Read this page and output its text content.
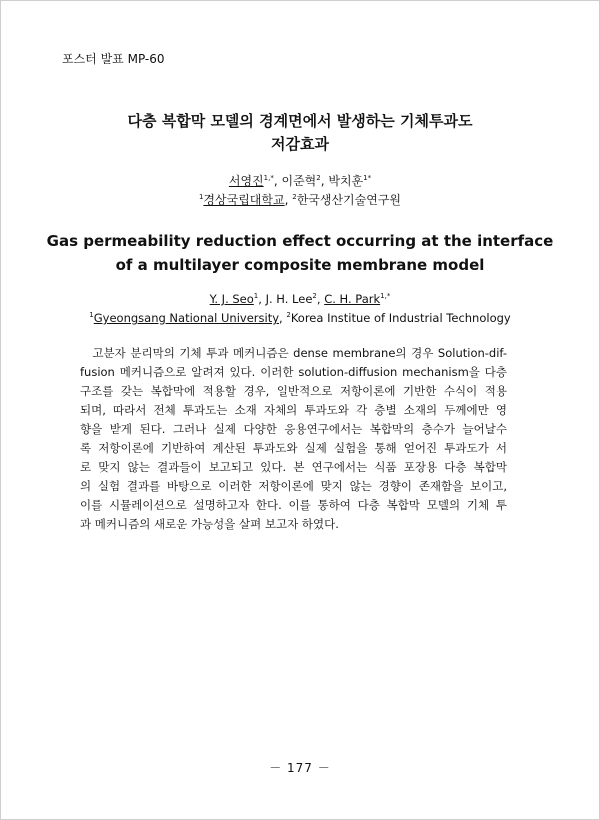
포스터 발표 MP-60
다층 복합막 모델의 경계면에서 발생하는 기체투과도
저감효과
서영진$^{1,*}$, 이준혁$^2$, 박치훈$^{1*}$
$^1$경상국립대학교, $^2$한국생산기술연구원
Gas permeability reduction effect occurring at the interface
of a multilayer composite membrane model
Y. J. Seo$^1$, J. H. Lee$^2$, C. H. Park$^{1,*}$
$^1$Gyeongsang National University, $^2$Korea Institue of Industrial Technology
　고분자 분리막의 기체 투과 메커니즘은 dense membrane의 경우 Solution-dif-
fusion 메커니즘으로 알려져 있다. 이러한 solution-diffusion mechanism을 다층
구조를 갖는 복합막에 적용할 경우, 일반적으로 저항이론에 기반한 수식이 적용
되며, 따라서 전체 투과도는 소재 자체의 투과도와 각 층별 소재의 두께에만 영
향을 받게 된다. 그러나 실제 다양한 응용연구에서는 복합막의 층수가 늘어날수
록 저항이론에 기반하여 계산된 투과도와 실제 실험을 통해 얻어진 투과도가 서
로 맞지 않는 결과들이 보고되고 있다. 본 연구에서는 식품 포장용 다층 복합막
의 실험 결과를 바탕으로 이러한 저항이론에 맞지 않는 경향이 존재함을 보이고,
이를 시뮬레이션으로 설명하고자 한다. 이를 통하여 다층 복합막 모델의 기체 투
과 메커니즘의 새로운 가능성을 살펴 보고자 하였다.
－ 177 －
